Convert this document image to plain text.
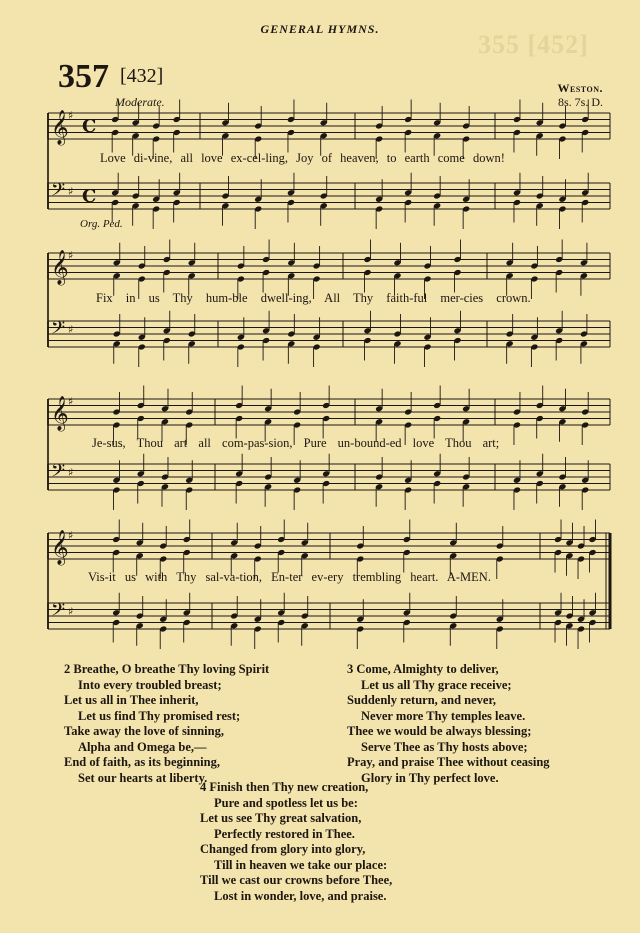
355 [452]
GENERAL HYMNS.
357 [432]
Weston.
8s. 7s. D.
Moderate.
𝄞 ♯
C
𝄢 ♯ C
𝄞 ♯
𝄢 ♯
𝄞 ♯
𝄢 ♯
𝄞 ♯
𝄢 ♯
Org. Ped.
Love di-vine, all love ex-cel-ling, Joy of heaven, to earth come down!
Fix in us Thy hum-ble dwell-ing, All Thy faith-ful mer-cies crown.
Je-sus, Thou art all com-pas-sion, Pure un-bound-ed love Thou art;
Vis-it us with Thy sal-va-tion, En-ter ev-ery trembling heart. A-MEN.
2 Breathe, O breathe Thy loving Spirit
Into every troubled breast;
Let us all in Thee inherit,
Let us find Thy promised rest;
Take away the love of sinning,
Alpha and Omega be,—
End of faith, as its beginning,
Set our hearts at liberty.
3 Come, Almighty to deliver,
Let us all Thy grace receive;
Suddenly return, and never,
Never more Thy temples leave.
Thee we would be always blessing;
Serve Thee as Thy hosts above;
Pray, and praise Thee without ceasing
Glory in Thy perfect love.
4 Finish then Thy new creation,
Pure and spotless let us be:
Let us see Thy great salvation,
Perfectly restored in Thee.
Changed from glory into glory,
Till in heaven we take our place:
Till we cast our crowns before Thee,
Lost in wonder, love, and praise.
